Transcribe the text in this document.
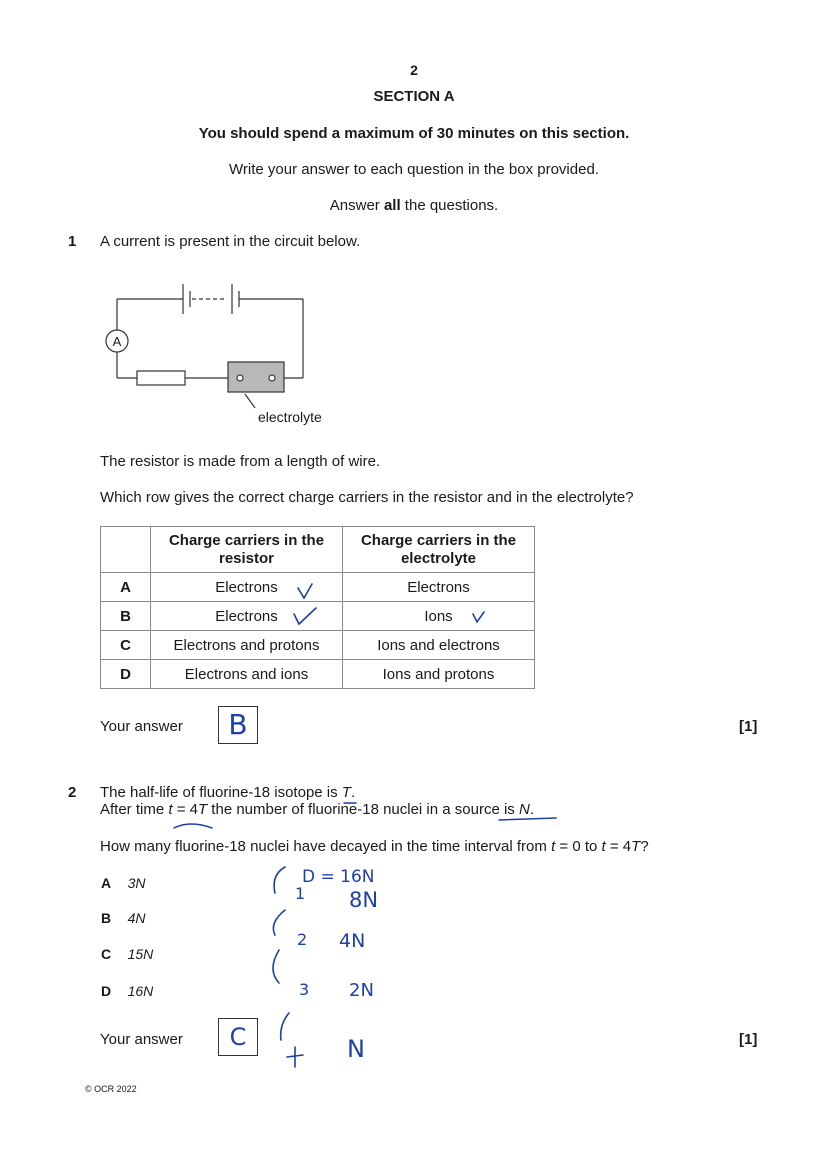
2
SECTION A
You should spend a maximum of 30 minutes on this section.
Write your answer to each question in the box provided.
Answer all the questions.
1 A current is present in the circuit below.
A
electrolyte
The resistor is made from a length of wire.
Which row gives the correct charge carriers in the resistor and in the electrolyte?
	Charge carriers in the resistor	Charge carriers in the electrolyte
A	Electrons	Electrons
B	Electrons	Ions
C	Electrons and protons	Ions and electrons
D	Electrons and ions	Ions and protons
Your answer	B	[1]
2 The half-life of fluorine-18 isotope is T.
After time t = 4T the number of fluorine-18 nuclei in a source is N.
How many fluorine-18 nuclei have decayed in the time interval from t = 0 to t = 4T?
A 3N
B 4N
C 15N
D 16N
D = 16N
8N
4N
2N
N
1
2
3
Your answer	C	[1]
© OCR 2022
